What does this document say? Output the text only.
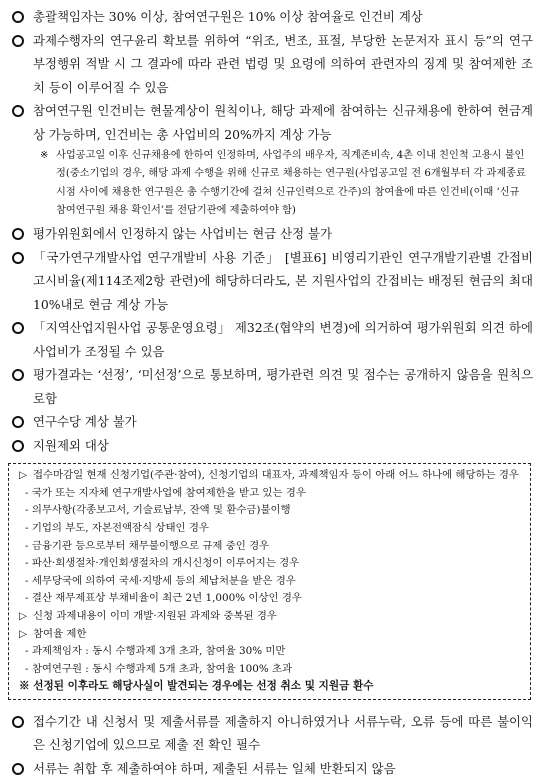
총괄책임자는 30% 이상, 참여연구원은 10% 이상 참여율로 인건비 계상
과제수행자의 연구윤리 확보를 위하여 “위조, 변조, 표절, 부당한 논문저자 표시 등”의 연구 부정행위 적발 시 그 결과에 따라 관련 법령 및 요령에 의하여 관련자의 징계 및 참여제한 조치 등이 이루어질 수 있음
참여연구원 인건비는 현물계상이 원칙이나, 해당 과제에 참여하는 신규채용에 한하여 현금계상 가능하며, 인건비는 총 사업비의 20%까지 계상 가능
※ 사업공고일 이후 신규채용에 한하여 인정하며, 사업주의 배우자, 직계존비속, 4촌 이내 친인척 고용시 불인정(중소기업의 경우, 해당 과제 수행을 위해 신규로 채용하는 연구원(사업공고일 전 6개월부터 각 과제종료 시점 사이에 채용한 연구원은 총 수행기간에 걸쳐 신규인력으로 간주)의 참여율에 따른 인건비(이때 ‘신규 참여연구원 채용 확인서’를 전담기관에 제출하여야 함)
평가위원회에서 인정하지 않는 사업비는 현금 산정 불가
「국가연구개발사업 연구개발비 사용 기준」 [별표6] 비영리기관인 연구개발기관별 간접비고시비율(제114조제2항 관련)에 해당하더라도, 본 지원사업의 간접비는 배정된 현금의 최대 10%내로 현금 계상 가능
「지역산업지원사업 공통운영요령」 제32조(협약의 변경)에 의거하여 평가위원회 의견 하에 사업비가 조정될 수 있음
평가결과는 ‘선정’, ‘미선정’으로 통보하며, 평가관련 의견 및 점수는 공개하지 않음을 원칙으로함
연구수당 계상 불가
지원제외 대상
▷ 접수마감일 현재 신청기업(주관·참여), 신청기업의 대표자, 과제책임자 등이 아래 어느 하나에 해당하는 경우
- 국가 또는 지자체 연구개발사업에 참여제한을 받고 있는 경우
- 의무사항(각종보고서, 기술료납부, 잔액 및 환수금)불이행
- 기업의 부도, 자본전액잠식 상태인 경우
- 금융기관 등으로부터 채무불이행으로 규제 중인 경우
- 파산·회생절차·개인회생절차의 개시신청이 이루어지는 경우
- 세무당국에 의하여 국세·지방세 등의 체납처분을 받은 경우
- 결산 재무제표상 부채비율이 최근 2년 1,000% 이상인 경우
▷ 신청 과제내용이 이미 개발·지원된 과제와 중복된 경우
▷ 참여율 제한
- 과제책임자 : 동시 수행과제 3개 초과, 참여율 30% 미만
- 참여연구원 : 동시 수행과제 5개 초과, 참여율 100% 초과
※ 선정된 이후라도 해당사실이 발견되는 경우에는 선정 취소 및 지원금 환수
접수기간 내 신청서 및 제출서류를 제출하지 아니하였거나 서류누락, 오류 등에 따른 불이익은 신청기업에 있으므로 제출 전 확인 필수
서류는 취합 후 제출하여야 하며, 제출된 서류는 일체 반환되지 않음
